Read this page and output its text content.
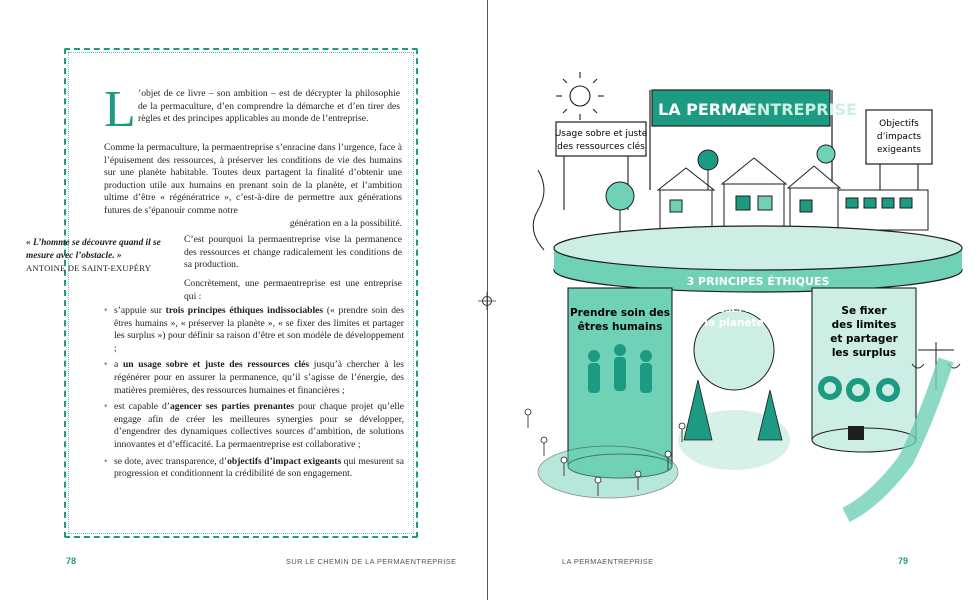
L ’objet de ce livre – son ambition – est de décrypter la philosophie de la permaculture, d’en comprendre la démarche et d’en tirer des règles et des principes applicables au monde de l’entreprise.

Comme la permaculture, la permaentreprise s’enracine dans l’urgence, face à l’épuisement des ressources, à préserver les conditions de vie des humains sur une planète habitable. Toutes deux partagent la finalité d’obtenir une production utile aux humains en prenant soin de la planète, et l’ambition ultime d’être « régénératrice », c’est-à-dire de permettre aux générations futures de s’épanouir comme notre

génération en a la possibilité.

« L’homme se découvre quand il se mesure avec l’obstacle. »
ANTOINE DE SAINT-EXUPÉRY

C’est pourquoi la permaentreprise vise la permanence des ressources et change radicalement les conditions de sa production.

Concrètement, une permaentreprise est une entreprise qui :

• s’appuie sur trois principes éthiques indissociables (« prendre soin des êtres humains », « préserver la planète », « se fixer des limites et partager les surplus ») pour définir sa raison d’être et son modèle de développement ;
• a un usage sobre et juste des ressources clés jusqu’à chercher à les régénérer pour en assurer la permanence, qu’il s’agisse de l’énergie, des matières premières, des ressources humaines et financières ;
• est capable d’agencer ses parties prenantes pour chaque projet qu’elle engage afin de créer les meilleures synergies pour se développer, d’engendrer des dynamiques collectives sources d’ambition, de solutions innovantes et d’efficacité. La permaentreprise est collaborative ;
• se dote, avec transparence, d’objectifs d’impact exigeants qui mesurent sa progression et conditionnent la crédibilité de son engagement.
78	SUR LE CHEMIN DE LA PERMAENTREPRISE
LA PERMA
ENTREPRISE
Usage sobre et juste
des ressources clés
Objectifs
d’impacts
exigeants
3 PRINCIPES ÉTHIQUES
Prendre soin des
êtres humains
Préserver
la planète
Se fixer
des limites
et partager
les surplus
LA PERMAENTREPRISE	79
